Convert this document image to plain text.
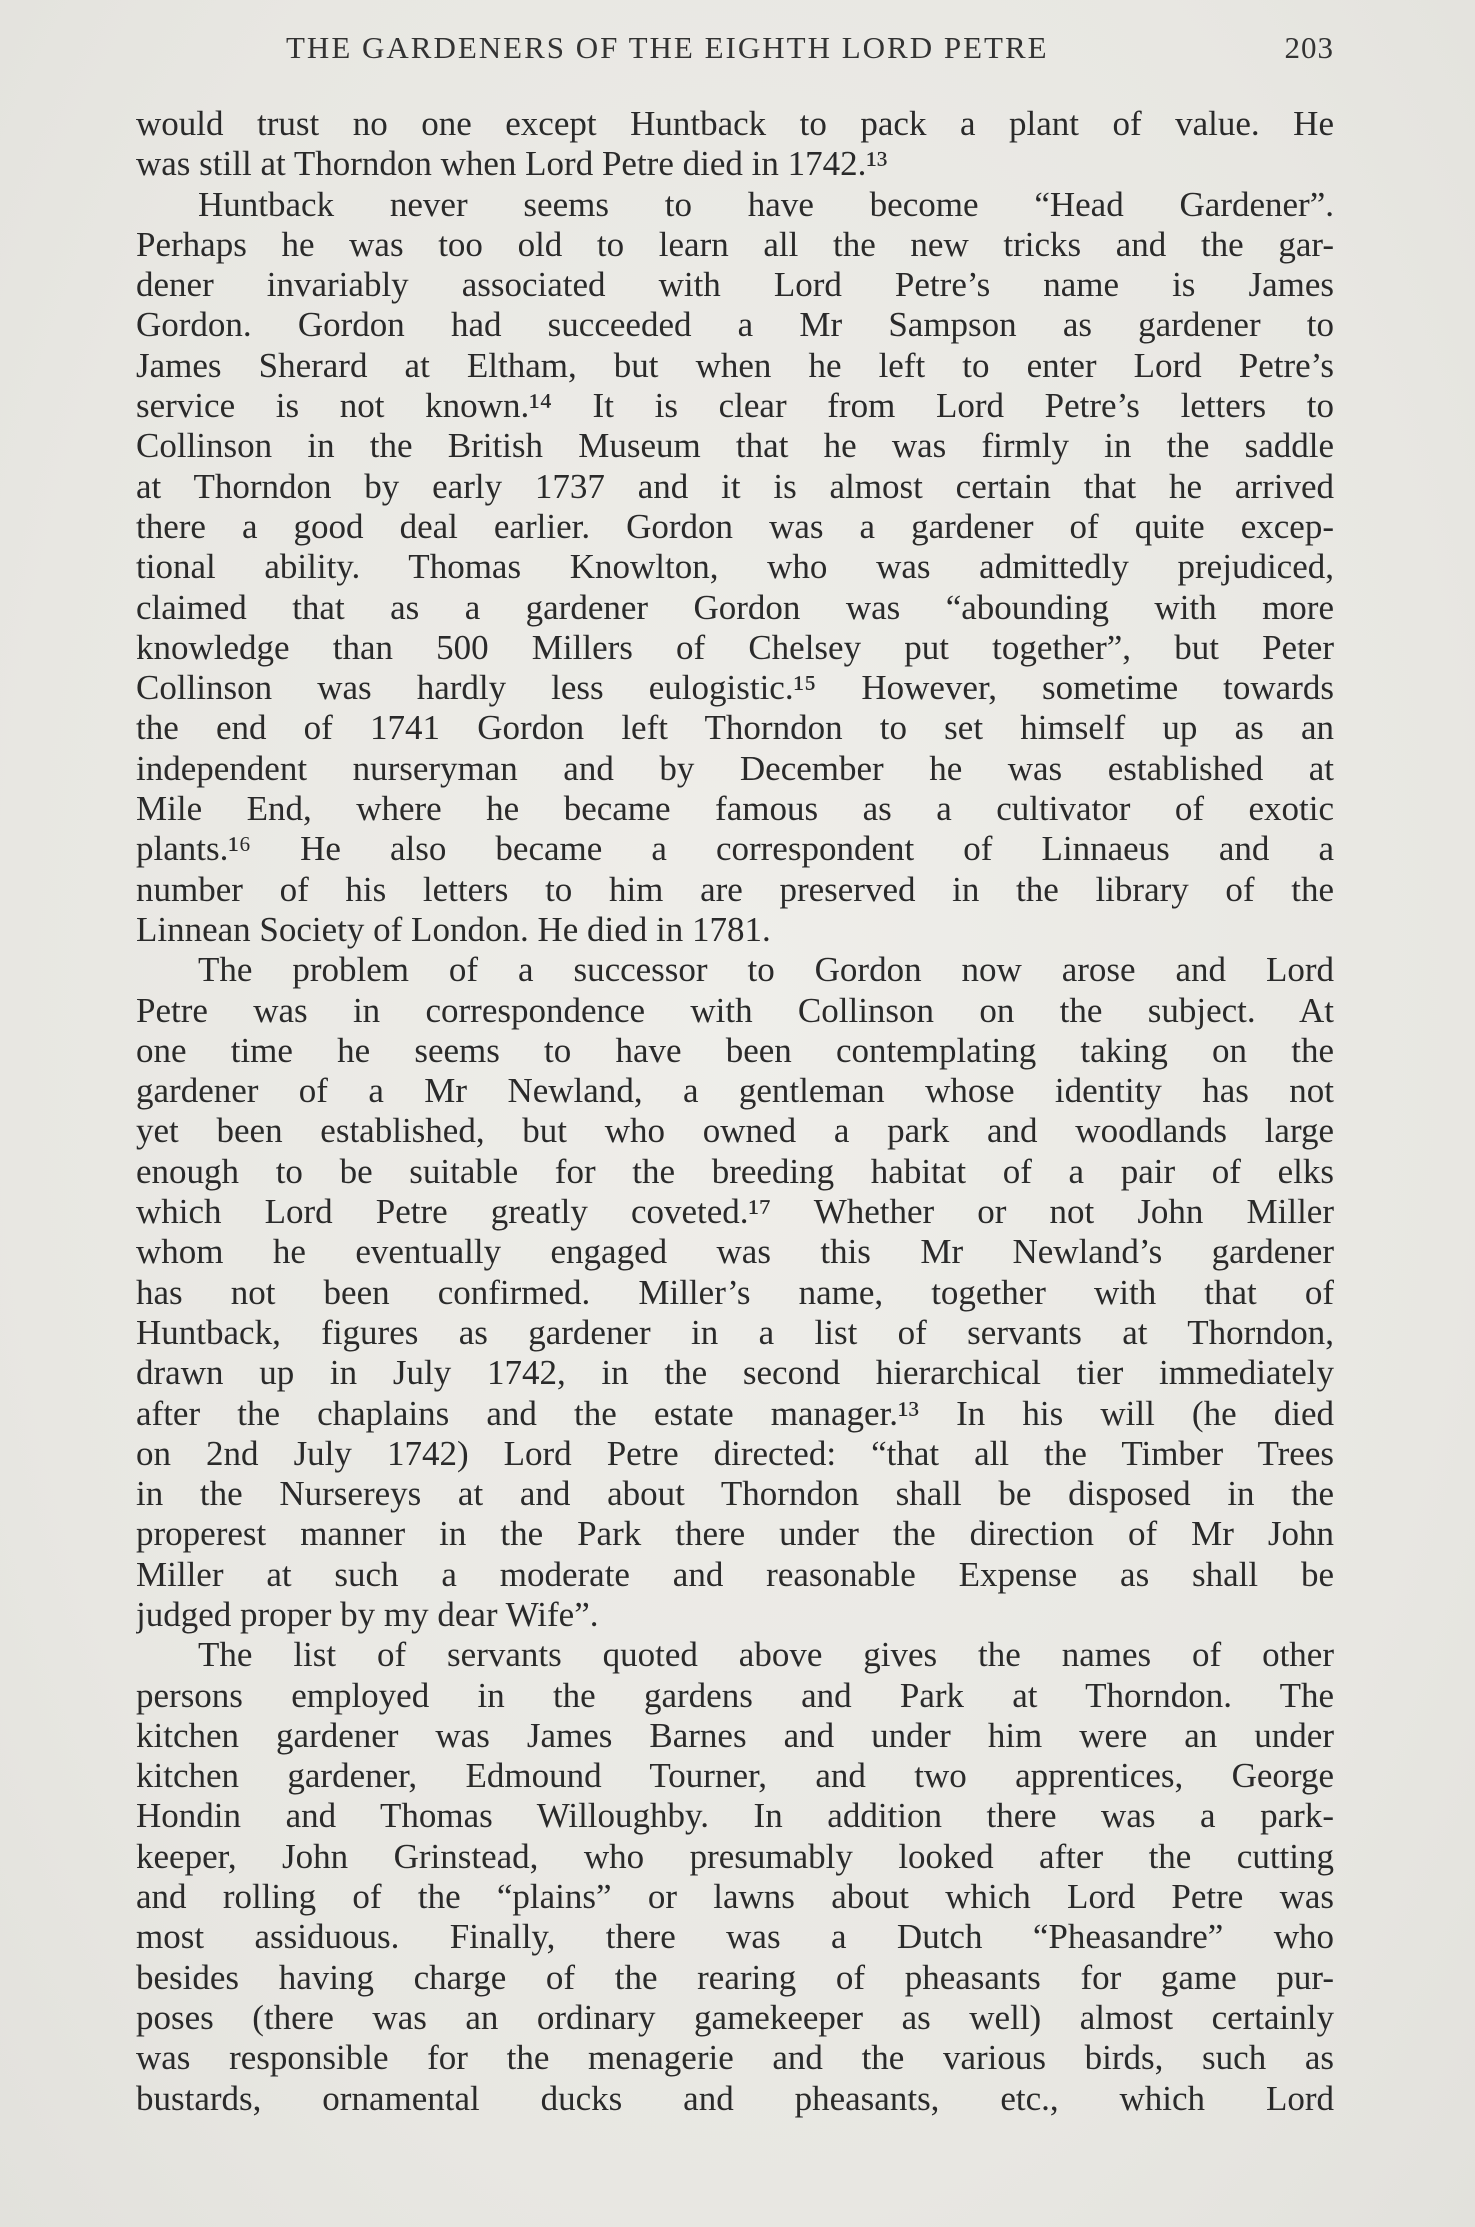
THE GARDENERS OF THE EIGHTH LORD PETRE	203
would trust no one except Huntback to pack a plant of value. He
was still at Thorndon when Lord Petre died in 1742.¹³
Huntback never seems to have become “Head Gardener”.
Perhaps he was too old to learn all the new tricks and the gar-
dener invariably associated with Lord Petre’s name is James
Gordon. Gordon had succeeded a Mr Sampson as gardener to
James Sherard at Eltham, but when he left to enter Lord Petre’s
service is not known.¹⁴ It is clear from Lord Petre’s letters to
Collinson in the British Museum that he was firmly in the saddle
at Thorndon by early 1737 and it is almost certain that he arrived
there a good deal earlier. Gordon was a gardener of quite excep-
tional ability. Thomas Knowlton, who was admittedly prejudiced,
claimed that as a gardener Gordon was “abounding with more
knowledge than 500 Millers of Chelsey put together”, but Peter
Collinson was hardly less eulogistic.¹⁵ However, sometime towards
the end of 1741 Gordon left Thorndon to set himself up as an
independent nurseryman and by December he was established at
Mile End, where he became famous as a cultivator of exotic
plants.¹⁶ He also became a correspondent of Linnaeus and a
number of his letters to him are preserved in the library of the
Linnean Society of London. He died in 1781.
The problem of a successor to Gordon now arose and Lord
Petre was in correspondence with Collinson on the subject. At
one time he seems to have been contemplating taking on the
gardener of a Mr Newland, a gentleman whose identity has not
yet been established, but who owned a park and woodlands large
enough to be suitable for the breeding habitat of a pair of elks
which Lord Petre greatly coveted.¹⁷ Whether or not John Miller
whom he eventually engaged was this Mr Newland’s gardener
has not been confirmed. Miller’s name, together with that of
Huntback, figures as gardener in a list of servants at Thorndon,
drawn up in July 1742, in the second hierarchical tier immediately
after the chaplains and the estate manager.¹³ In his will (he died
on 2nd July 1742) Lord Petre directed: “that all the Timber Trees
in the Nursereys at and about Thorndon shall be disposed in the
properest manner in the Park there under the direction of Mr John
Miller at such a moderate and reasonable Expense as shall be
judged proper by my dear Wife”.
The list of servants quoted above gives the names of other
persons employed in the gardens and Park at Thorndon. The
kitchen gardener was James Barnes and under him were an under
kitchen gardener, Edmound Tourner, and two apprentices, George
Hondin and Thomas Willoughby. In addition there was a park-
keeper, John Grinstead, who presumably looked after the cutting
and rolling of the “plains” or lawns about which Lord Petre was
most assiduous. Finally, there was a Dutch “Pheasandre” who
besides having charge of the rearing of pheasants for game pur-
poses (there was an ordinary gamekeeper as well) almost certainly
was responsible for the menagerie and the various birds, such as
bustards, ornamental ducks and pheasants, etc., which Lord
